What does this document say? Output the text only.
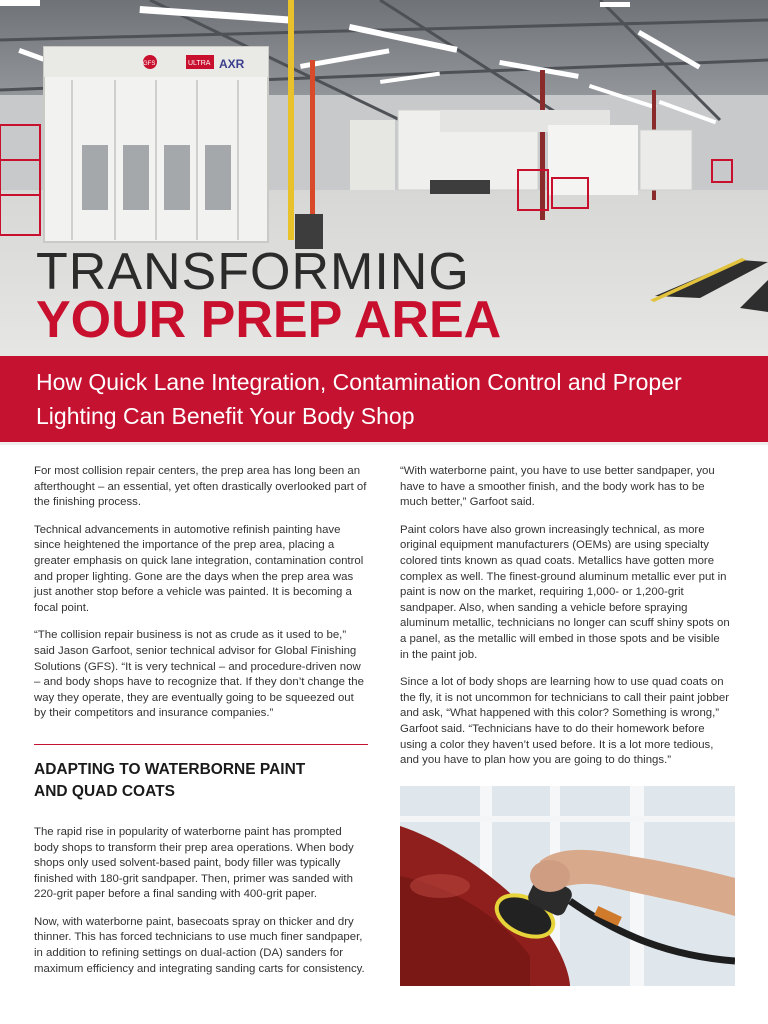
GFS	ULTRA AXR
TRANSFORMING
YOUR PREP AREA
How Quick Lane Integration, Contamination Control and Proper Lighting Can Benefit Your Body Shop

For most collision repair centers, the prep area has long been an afterthought – an essential, yet often drastically overlooked part of the finishing process.

Technical advancements in automotive refinish painting have since heightened the importance of the prep area, placing a greater emphasis on quick lane integration, contamination control and proper lighting. Gone are the days when the prep area was just another stop before a vehicle was painted. It is becoming a focal point.

“The collision repair business is not as crude as it used to be,” said Jason Garfoot, senior technical advisor for Global Finishing Solutions (GFS). “It is very technical – and procedure-driven now – and body shops have to recognize that. If they don’t change the way they operate, they are eventually going to be squeezed out by their competitors and insurance companies.”

ADAPTING TO WATERBORNE PAINT AND QUAD COATS

The rapid rise in popularity of waterborne paint has prompted body shops to transform their prep area operations. When body shops only used solvent-based paint, body filler was typically finished with 180-grit sandpaper. Then, primer was sanded with 220-grit paper before a final sanding with 400-grit paper.

Now, with waterborne paint, basecoats spray on thicker and dry thinner. This has forced technicians to use much finer sandpaper, in addition to refining settings on dual-action (DA) sanders for maximum efficiency and integrating sanding carts for consistency.

“With waterborne paint, you have to use better sandpaper, you have to have a smoother finish, and the body work has to be much better,” Garfoot said.

Paint colors have also grown increasingly technical, as more original equipment manufacturers (OEMs) are using specialty colored tints known as quad coats. Metallics have gotten more complex as well. The finest-ground aluminum metallic ever put in paint is now on the market, requiring 1,000- or 1,200-grit sandpaper. Also, when sanding a vehicle before spraying aluminum metallic, technicians no longer can scuff shiny spots on a panel, as the metallic will embed in those spots and be visible in the paint job.

Since a lot of body shops are learning how to use quad coats on the fly, it is not uncommon for technicians to call their paint jobber and ask, “What happened with this color? Something is wrong,” Garfoot said. “Technicians have to do their homework before using a color they haven’t used before. It is a lot more tedious, and you have to plan how you are going to do things.”
